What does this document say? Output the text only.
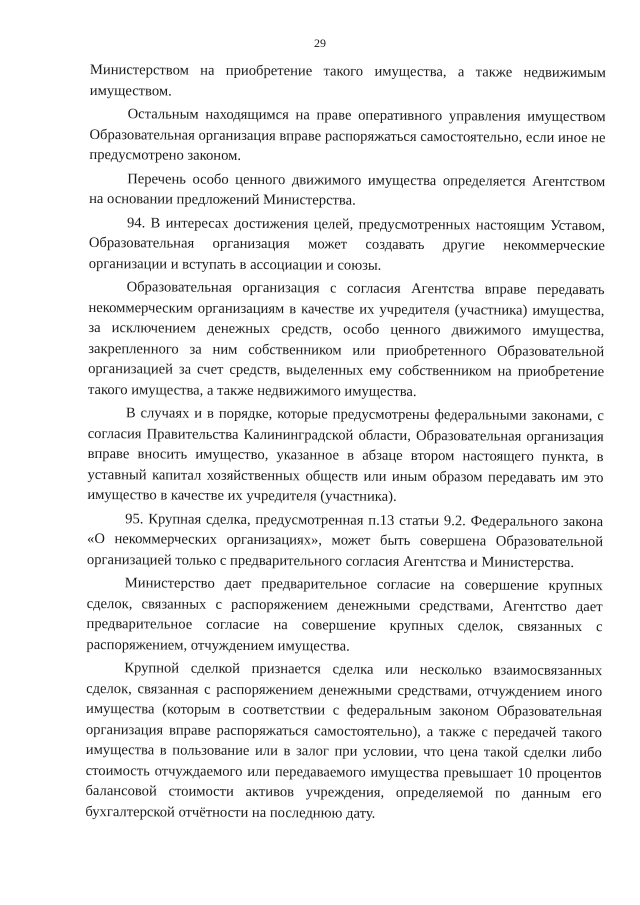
29

Министерством на приобретение такого имущества, а также недвижимым имуществом.

Остальным находящимся на праве оперативного управления имуществом Образовательная организация вправе распоряжаться самостоятельно, если иное не предусмотрено законом.

Перечень особо ценного движимого имущества определяется Агентством на основании предложений Министерства.

94. В интересах достижения целей, предусмотренных настоящим Уставом, Образовательная организация может создавать другие некоммерческие организации и вступать в ассоциации и союзы.

Образовательная организация с согласия Агентства вправе передавать некоммерческим организациям в качестве их учредителя (участника) имущества, за исключением денежных средств, особо ценного движимого имущества, закрепленного за ним собственником или приобретенного Образовательной организацией за счет средств, выделенных ему собственником на приобретение такого имущества, а также недвижимого имущества.

В случаях и в порядке, которые предусмотрены федеральными законами, с согласия Правительства Калининградской области, Образовательная организация вправе вносить имущество, указанное в абзаце втором настоящего пункта, в уставный капитал хозяйственных обществ или иным образом передавать им это имущество в качестве их учредителя (участника).

95. Крупная сделка, предусмотренная п.13 статьи 9.2. Федерального закона «О некоммерческих организациях», может быть совершена Образовательной организацией только с предварительного согласия Агентства и Министерства.

Министерство дает предварительное согласие на совершение крупных сделок, связанных с распоряжением денежными средствами, Агентство дает предварительное согласие на совершение крупных сделок, связанных с распоряжением, отчуждением имущества.

Крупной сделкой признается сделка или несколько взаимосвязанных сделок, связанная с распоряжением денежными средствами, отчуждением иного имущества (которым в соответствии с федеральным законом Образовательная организация вправе распоряжаться самостоятельно), а также с передачей такого имущества в пользование или в залог при условии, что цена такой сделки либо стоимость отчуждаемого или передаваемого имущества превышает 10 процентов балансовой стоимости активов учреждения, определяемой по данным его бухгалтерской отчётности на последнюю дату.
